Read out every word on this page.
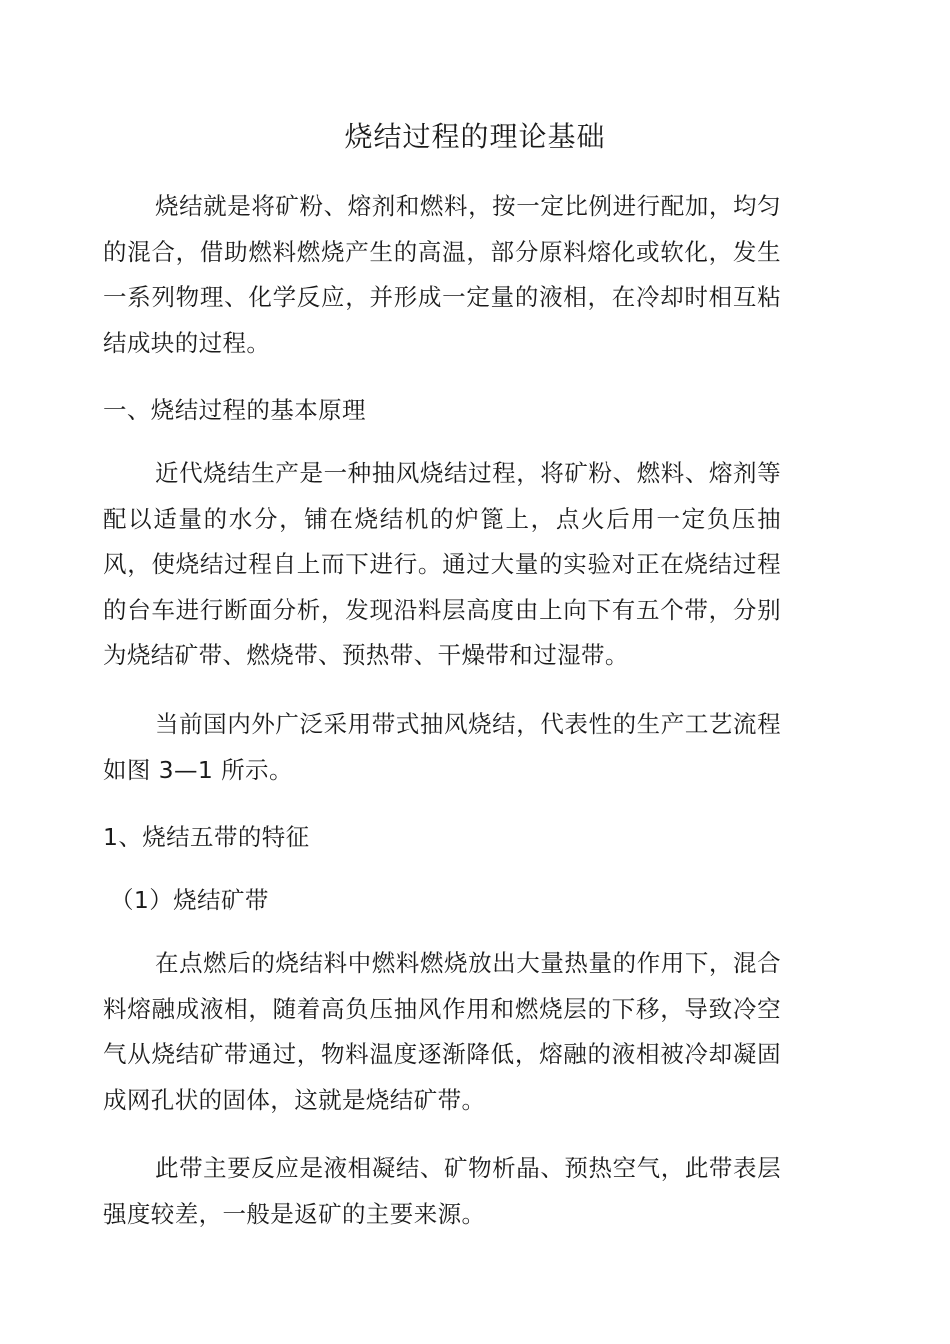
烧结过程的理论基础

烧结就是将矿粉、熔剂和燃料，按一定比例进行配加，均匀的混合，借助燃料燃烧产生的高温，部分原料熔化或软化，发生一系列物理、化学反应，并形成一定量的液相，在冷却时相互粘结成块的过程。

一、烧结过程的基本原理

近代烧结生产是一种抽风烧结过程，将矿粉、燃料、熔剂等配以适量的水分，铺在烧结机的炉篦上，点火后用一定负压抽风，使烧结过程自上而下进行。通过大量的实验对正在烧结过程的台车进行断面分析，发现沿料层高度由上向下有五个带，分别为烧结矿带、燃烧带、预热带、干燥带和过湿带。

当前国内外广泛采用带式抽风烧结，代表性的生产工艺流程如图 3—1 所示。

1、烧结五带的特征

（1）烧结矿带

在点燃后的烧结料中燃料燃烧放出大量热量的作用下，混合料熔融成液相，随着高负压抽风作用和燃烧层的下移，导致冷空气从烧结矿带通过，物料温度逐渐降低，熔融的液相被冷却凝固成网孔状的固体，这就是烧结矿带。

此带主要反应是液相凝结、矿物析晶、预热空气，此带表层强度较差，一般是返矿的主要来源。
